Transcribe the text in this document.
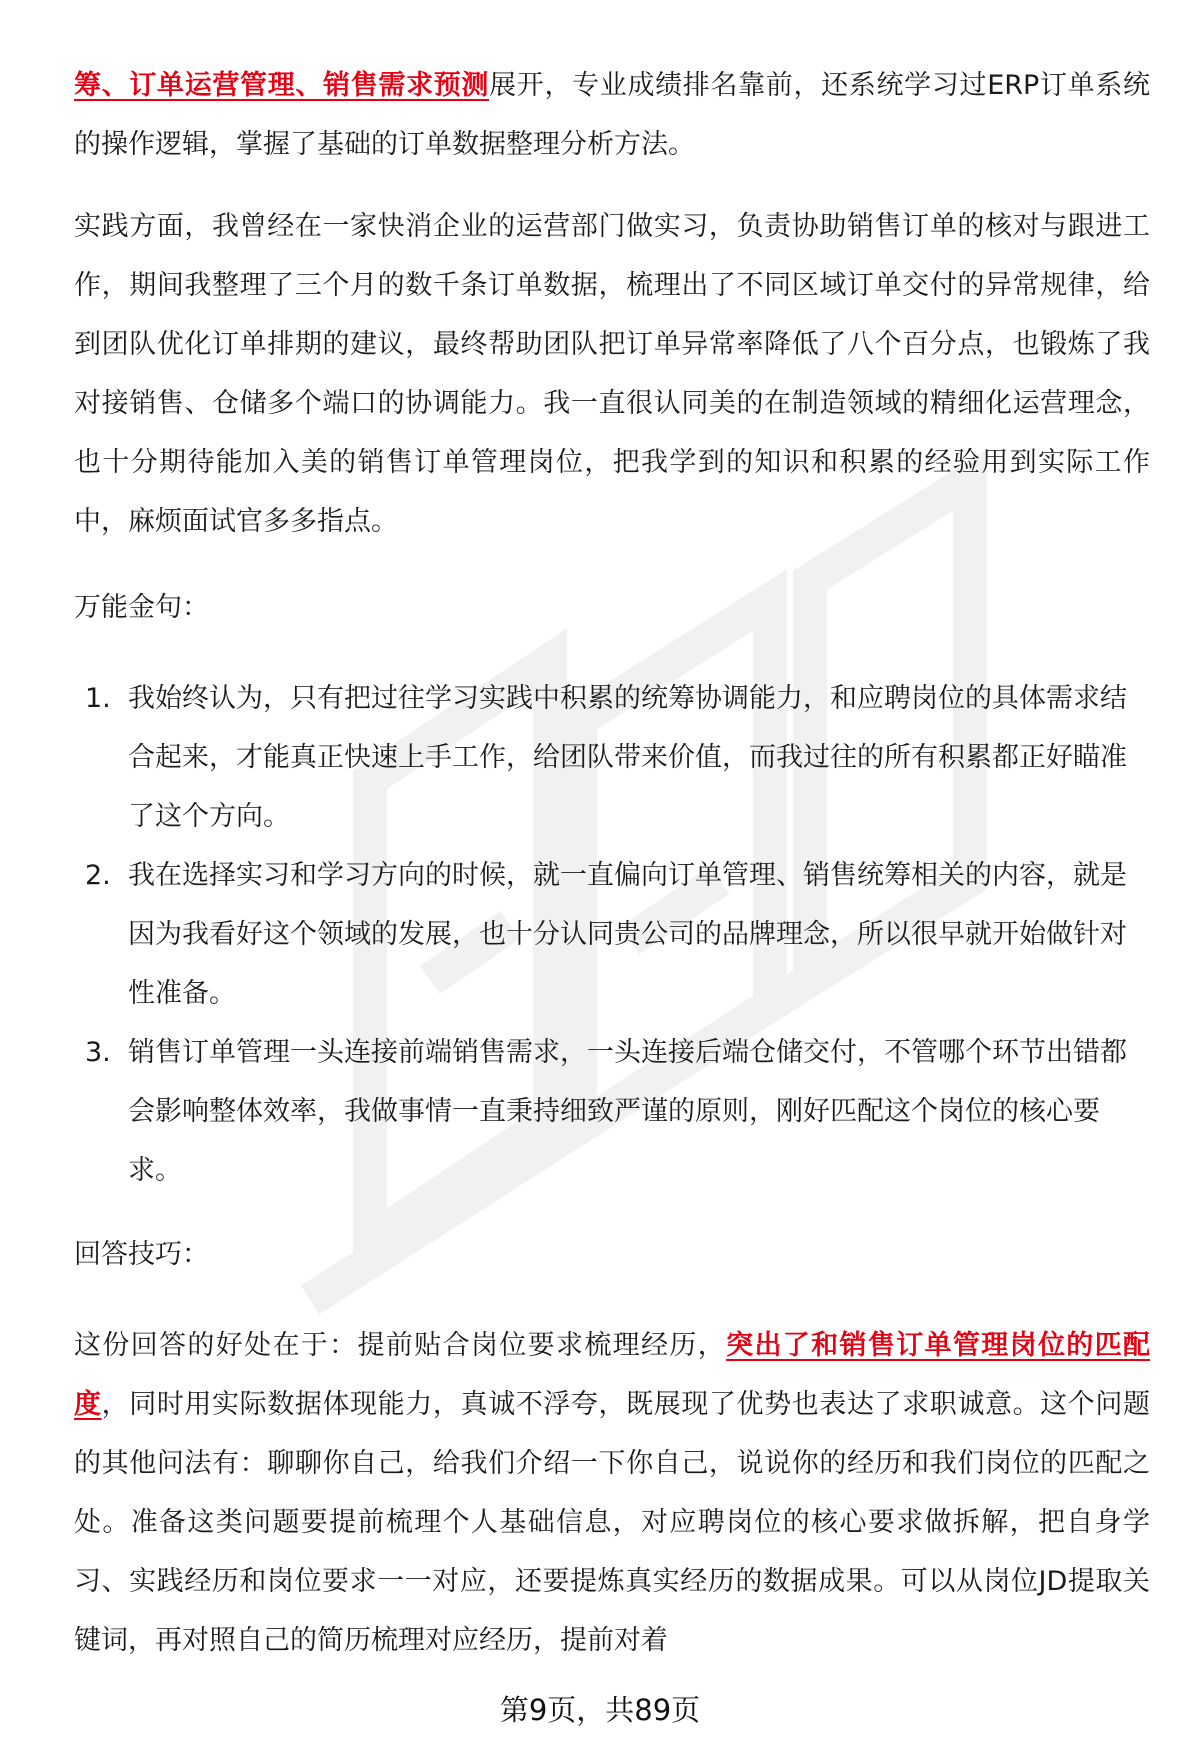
筹、订单运营管理、销售需求预测展开，专业成绩排名靠前，还系统学习过ERP订单系统的操作逻辑，掌握了基础的订单数据整理分析方法。

实践方面，我曾经在一家快消企业的运营部门做实习，负责协助销售订单的核对与跟进工作，期间我整理了三个月的数千条订单数据，梳理出了不同区域订单交付的异常规律，给到团队优化订单排期的建议，最终帮助团队把订单异常率降低了八个百分点，也锻炼了我对接销售、仓储多个端口的协调能力。我一直很认同美的在制造领域的精细化运营理念，也十分期待能加入美的销售订单管理岗位，把我学到的知识和积累的经验用到实际工作中，麻烦面试官多多指点。

万能金句：

1. 我始终认为，只有把过往学习实践中积累的统筹协调能力，和应聘岗位的具体需求结合起来，才能真正快速上手工作，给团队带来价值，而我过往的所有积累都正好瞄准了这个方向。
2. 我在选择实习和学习方向的时候，就一直偏向订单管理、销售统筹相关的内容，就是因为我看好这个领域的发展，也十分认同贵公司的品牌理念，所以很早就开始做针对性准备。
3. 销售订单管理一头连接前端销售需求，一头连接后端仓储交付，不管哪个环节出错都会影响整体效率，我做事情一直秉持细致严谨的原则，刚好匹配这个岗位的核心要求。

回答技巧：

这份回答的好处在于：提前贴合岗位要求梳理经历，突出了和销售订单管理岗位的匹配度，同时用实际数据体现能力，真诚不浮夸，既展现了优势也表达了求职诚意。这个问题的其他问法有：聊聊你自己，给我们介绍一下你自己，说说你的经历和我们岗位的匹配之处。准备这类问题要提前梳理个人基础信息，对应聘岗位的核心要求做拆解，把自身学习、实践经历和岗位要求一一对应，还要提炼真实经历的数据成果。可以从岗位JD提取关键词，再对照自己的简历梳理对应经历，提前对着

第9页，共89页
